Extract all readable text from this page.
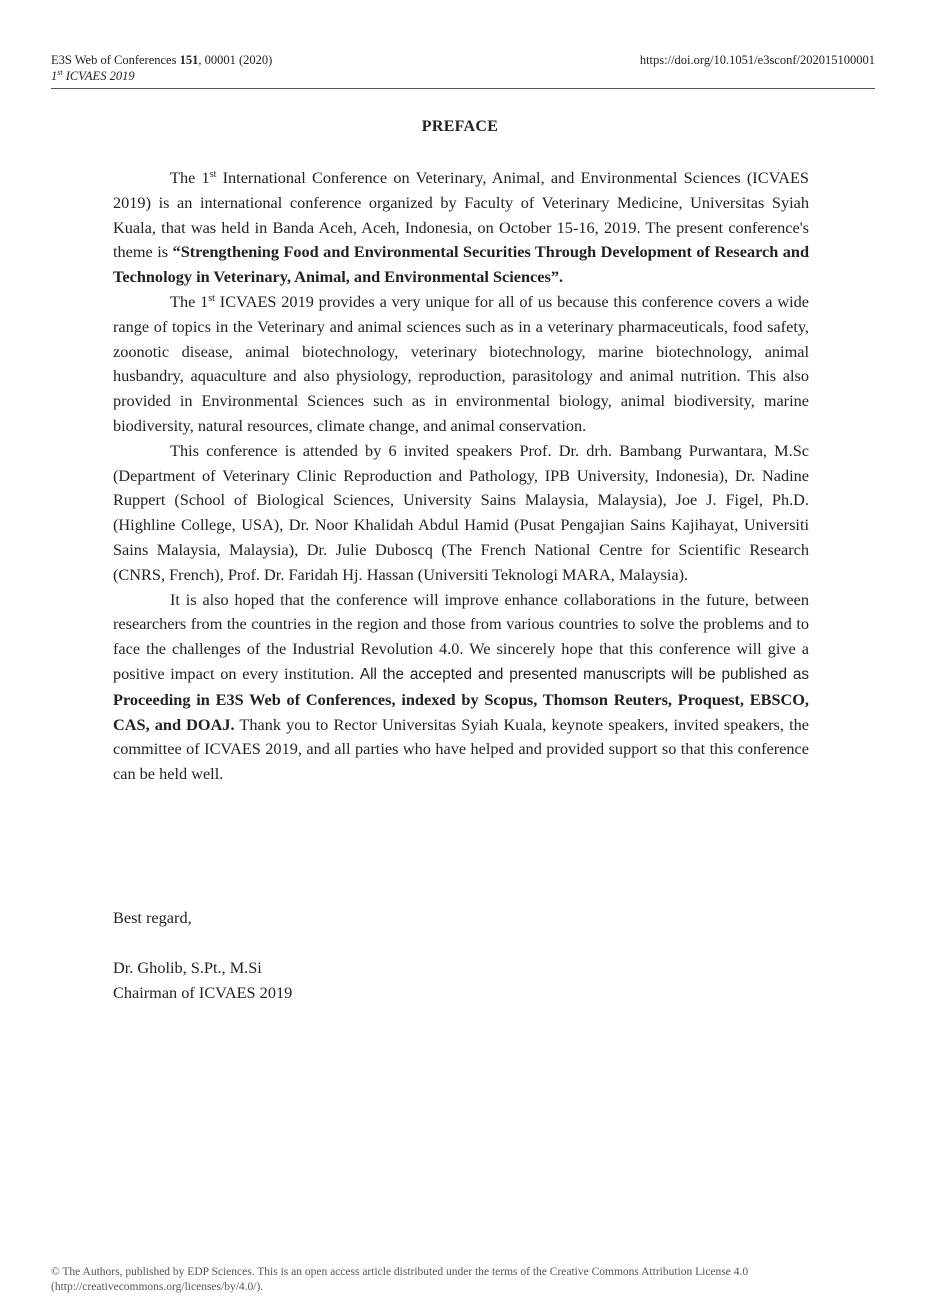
E3S Web of Conferences 151, 00001 (2020)
1st ICVAES 2019
https://doi.org/10.1051/e3sconf/202015100001
PREFACE

The 1st International Conference on Veterinary, Animal, and Environmental Sciences (ICVAES 2019) is an international conference organized by Faculty of Veterinary Medicine, Universitas Syiah Kuala, that was held in Banda Aceh, Aceh, Indonesia, on October 15-16, 2019. The present conference's theme is “Strengthening Food and Environmental Securities Through Development of Research and Technology in Veterinary, Animal, and Environmental Sciences”.

The 1st ICVAES 2019 provides a very unique for all of us because this conference covers a wide range of topics in the Veterinary and animal sciences such as in a veterinary pharmaceuticals, food safety, zoonotic disease, animal biotechnology, veterinary biotechnology, marine biotechnology, animal husbandry, aquaculture and also physiology, reproduction, parasitology and animal nutrition. This also provided in Environmental Sciences such as in environmental biology, animal biodiversity, marine biodiversity, natural resources, climate change, and animal conservation.

This conference is attended by 6 invited speakers Prof. Dr. drh. Bambang Purwantara, M.Sc (Department of Veterinary Clinic Reproduction and Pathology, IPB University, Indonesia), Dr. Nadine Ruppert (School of Biological Sciences, University Sains Malaysia, Malaysia), Joe J. Figel, Ph.D. (Highline College, USA), Dr. Noor Khalidah Abdul Hamid (Pusat Pengajian Sains Kajihayat, Universiti Sains Malaysia, Malaysia), Dr. Julie Duboscq (The French National Centre for Scientific Research (CNRS, French), Prof. Dr. Faridah Hj. Hassan (Universiti Teknologi MARA, Malaysia).

It is also hoped that the conference will improve enhance collaborations in the future, between researchers from the countries in the region and those from various countries to solve the problems and to face the challenges of the Industrial Revolution 4.0. We sincerely hope that this conference will give a positive impact on every institution. All the accepted and presented manuscripts will be published as Proceeding in E3S Web of Conferences, indexed by Scopus, Thomson Reuters, Proquest, EBSCO, CAS, and DOAJ. Thank you to Rector Universitas Syiah Kuala, keynote speakers, invited speakers, the committee of ICVAES 2019, and all parties who have helped and provided support so that this conference can be held well.

Best regard,
Dr. Gholib, S.Pt., M.Si
Chairman of ICVAES 2019
© The Authors, published by EDP Sciences. This is an open access article distributed under the terms of the Creative Commons Attribution License 4.0
(http://creativecommons.org/licenses/by/4.0/).
